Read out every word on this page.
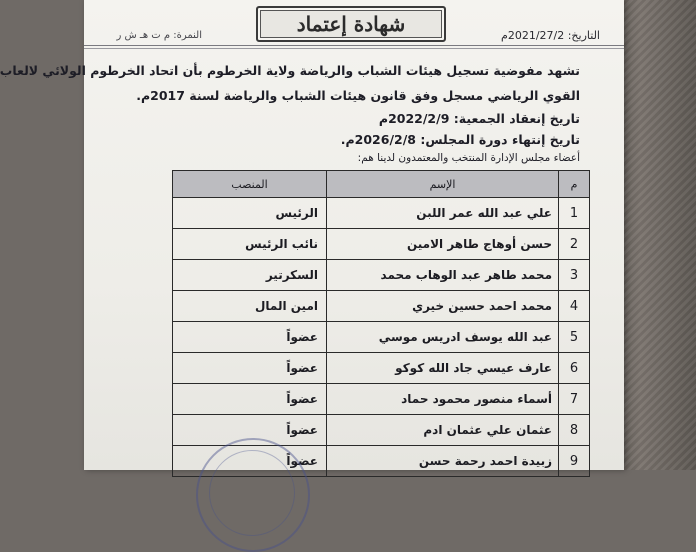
التاريخ: 2021/27/2م
النمرة: م ت هـ ش ر	شهادة إعتماد
تشهد مفوضية تسجيل هيئات الشباب والرياضة ولاية الخرطوم بأن اتحاد الخرطوم الولائي لالعاب
القوي الرياضي مسجل وفق قانون هيئات الشباب والرياضة لسنة 2017م.
تاريخ إنعقاد الجمعية: 2022/2/9م
تاريخ إنتهاء دورة المجلس: 2026/2/8م.
أعضاء مجلس الإدارة المنتخب والمعتمدون لدينا هم:
المنصب	الإسم	م
الرئيس	علي عبد الله عمر اللبن	1
نائب الرئيس	حسن أوهاج طاهر الامين	2
السكرتير	محمد طاهر عبد الوهاب محمد	3
امين المال	محمد احمد حسين خيري	4
عضواً	عبد الله يوسف ادريس موسي	5
عضواً	عارف عيسي جاد الله كوكو	6
عضواً	أسماء منصور محمود حماد	7
عضواً	عثمان علي عثمان ادم	8
عضواً	زبيدة احمد رحمة حسن	9
